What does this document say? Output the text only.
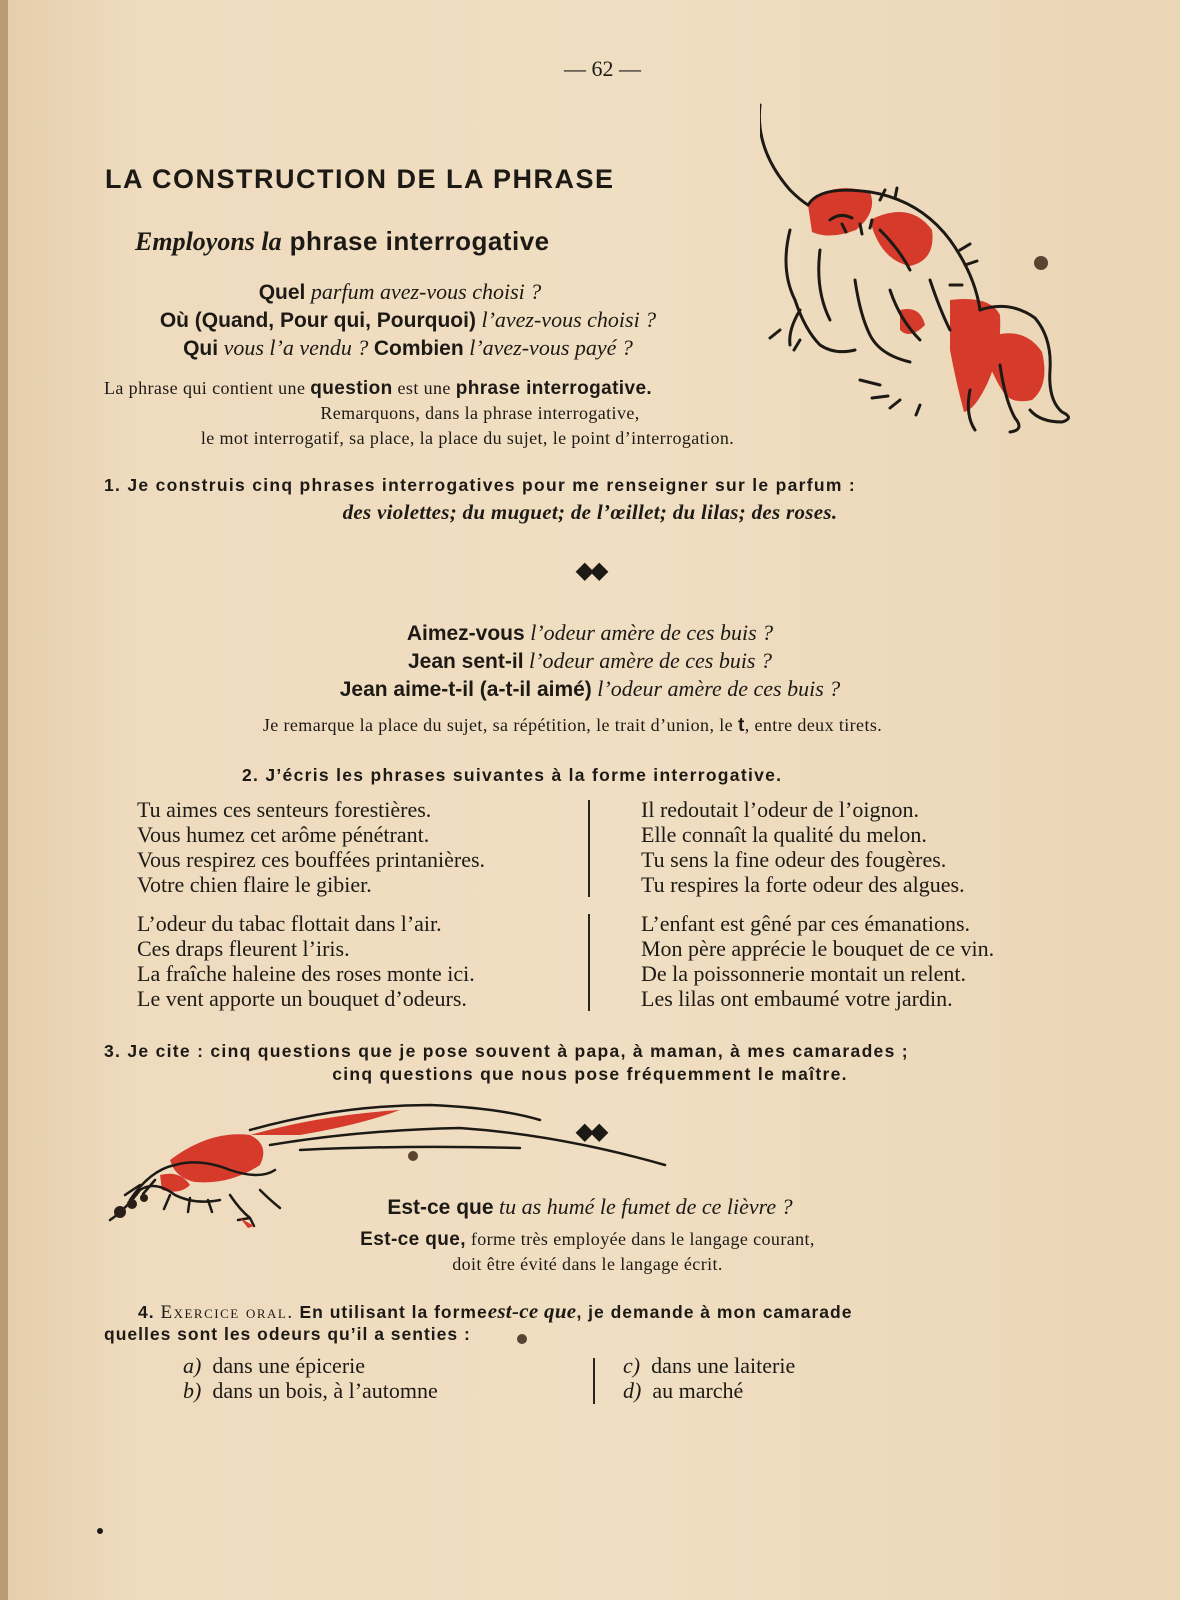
— 62 —
LA CONSTRUCTION DE LA PHRASE
Employons la phrase interrogative
Quel parfum avez-vous choisi ?
Où (Quand, Pour qui, Pourquoi) l’avez-vous choisi ?
Qui vous l’a vendu ? Combien l’avez-vous payé ?
La phrase qui contient une question est une phrase interrogative.
Remarquons, dans la phrase interrogative,
le mot interrogatif, sa place, la place du sujet, le point d’interrogation.
1. Je construis cinq phrases interrogatives pour me renseigner sur le parfum :
des violettes; du muguet; de l’œillet; du lilas; des roses.
◆◆
Aimez-vous l’odeur amère de ces buis ?
Jean sent-il l’odeur amère de ces buis ?
Jean aime-t-il (a-t-il aimé) l’odeur amère de ces buis ?
Je remarque la place du sujet, sa répétition, le trait d’union, le t, entre deux tirets.
2. J’écris les phrases suivantes à la forme interrogative.
Tu aimes ces senteurs forestières.
Vous humez cet arôme pénétrant.
Vous respirez ces bouffées printanières.
Votre chien flaire le gibier.
Il redoutait l’odeur de l’oignon.
Elle connaît la qualité du melon.
Tu sens la fine odeur des fougères.
Tu respires la forte odeur des algues.
L’odeur du tabac flottait dans l’air.
Ces draps fleurent l’iris.
La fraîche haleine des roses monte ici.
Le vent apporte un bouquet d’odeurs.
L’enfant est gêné par ces émanations.
Mon père apprécie le bouquet de ce vin.
De la poissonnerie montait un relent.
Les lilas ont embaumé votre jardin.
3. Je cite : cinq questions que je pose souvent à papa, à maman, à mes camarades ;
cinq questions que nous pose fréquemment le maître.
◆◆
Est-ce que tu as humé le fumet de ce lièvre ?
Est-ce que, forme très employée dans le langage courant,
doit être évité dans le langage écrit.
4. Exercice oral. En utilisant la formeest-ce que, je demande à mon camarade
quelles sont les odeurs qu’il a senties :
a) dans une épicerie
b) dans un bois, à l’automne
c) dans une laiterie
d) au marché
